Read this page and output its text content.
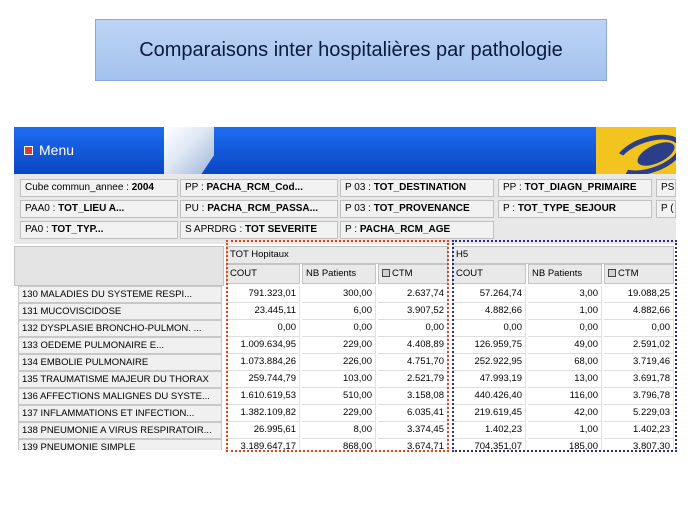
Comparaisons inter hospitalières par pathologie
Menu
Cube commun_annee : 2004	PP : PACHA_RCM_Cod...	P 03 : TOT_DESTINATION	PP : TOT_DIAGN_PRIMAIRE	PS
PAA0 : TOT_LIEU A...	PU : PACHA_RCM_PASSA...	P 03 : TOT_PROVENANCE	P : TOT_TYPE_SEJOUR	P (
PA0 : TOT_TYP...	S APRDRG : TOT SEVERITE	P : PACHA_RCM_AGE
TOT Hopitaux	H5
COUT	NB Patients	CTM	COUT	NB Patients	CTM
130 MALADIES DU SYSTEME RESPI...	791.323,01	300,00	2.637,74	57.264,74	3,00	19.088,25
131 MUCOVISCIDOSE	23.445,11	6,00	3.907,52	4.882,66	1,00	4.882,66
132 DYSPLASIE BRONCHO-PULMON. ...	0,00	0,00	0,00	0,00	0,00	0,00
133 OEDEME PULMONAIRE E...	1.009.634,95	229,00	4.408,89	126.959,75	49,00	2.591,02
134 EMBOLIE PULMONAIRE	1.073.884,26	226,00	4.751,70	252.922,95	68,00	3.719,46
135 TRAUMATISME MAJEUR DU THORAX	259.744,79	103,00	2.521,79	47.993,19	13,00	3.691,78
136 AFFECTIONS MALIGNES DU SYSTE...	1.610.619,53	510,00	3.158,08	440.426,40	116,00	3.796,78
137 INFLAMMATIONS ET INFECTION...	1.382.109,82	229,00	6.035,41	219.619,45	42,00	5.229,03
138 PNEUMONIE A VIRUS RESPIRATOIR...	26.995,61	8,00	3.374,45	1.402,23	1,00	1.402,23
139 PNEUMONIE SIMPLE	3.189.647,17	868,00	3.674,71	704.351,07	185,00	3.807,30
